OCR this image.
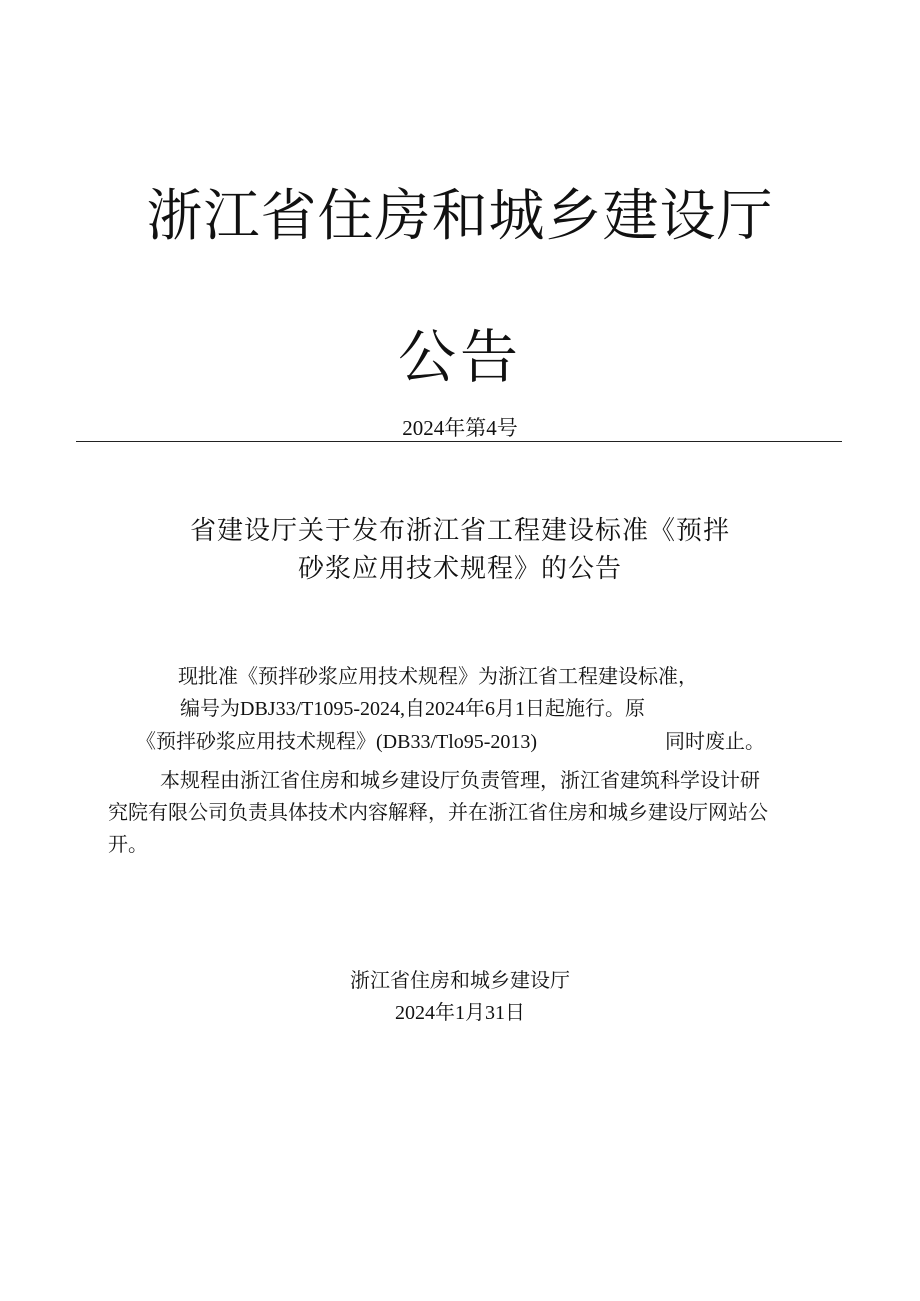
浙江省住房和城乡建设厅
公告
2024年第4号
省建设厅关于发布浙江省工程建设标准《预拌
砂浆应用技术规程》的公告
现批准《预拌砂浆应用技术规程》为浙江省工程建设标准，
编号为DBJ33/T1095-2024,自2024年6月1日起施行。原
《预拌砂浆应用技术规程》(DB33/Tlo95-2013)	同时废止。
本规程由浙江省住房和城乡建设厅负责管理，浙江省建筑科学设计研
究院有限公司负责具体技术内容解释，并在浙江省住房和城乡建设厅网站公
开。
浙江省住房和城乡建设厅
2024年1月31日
